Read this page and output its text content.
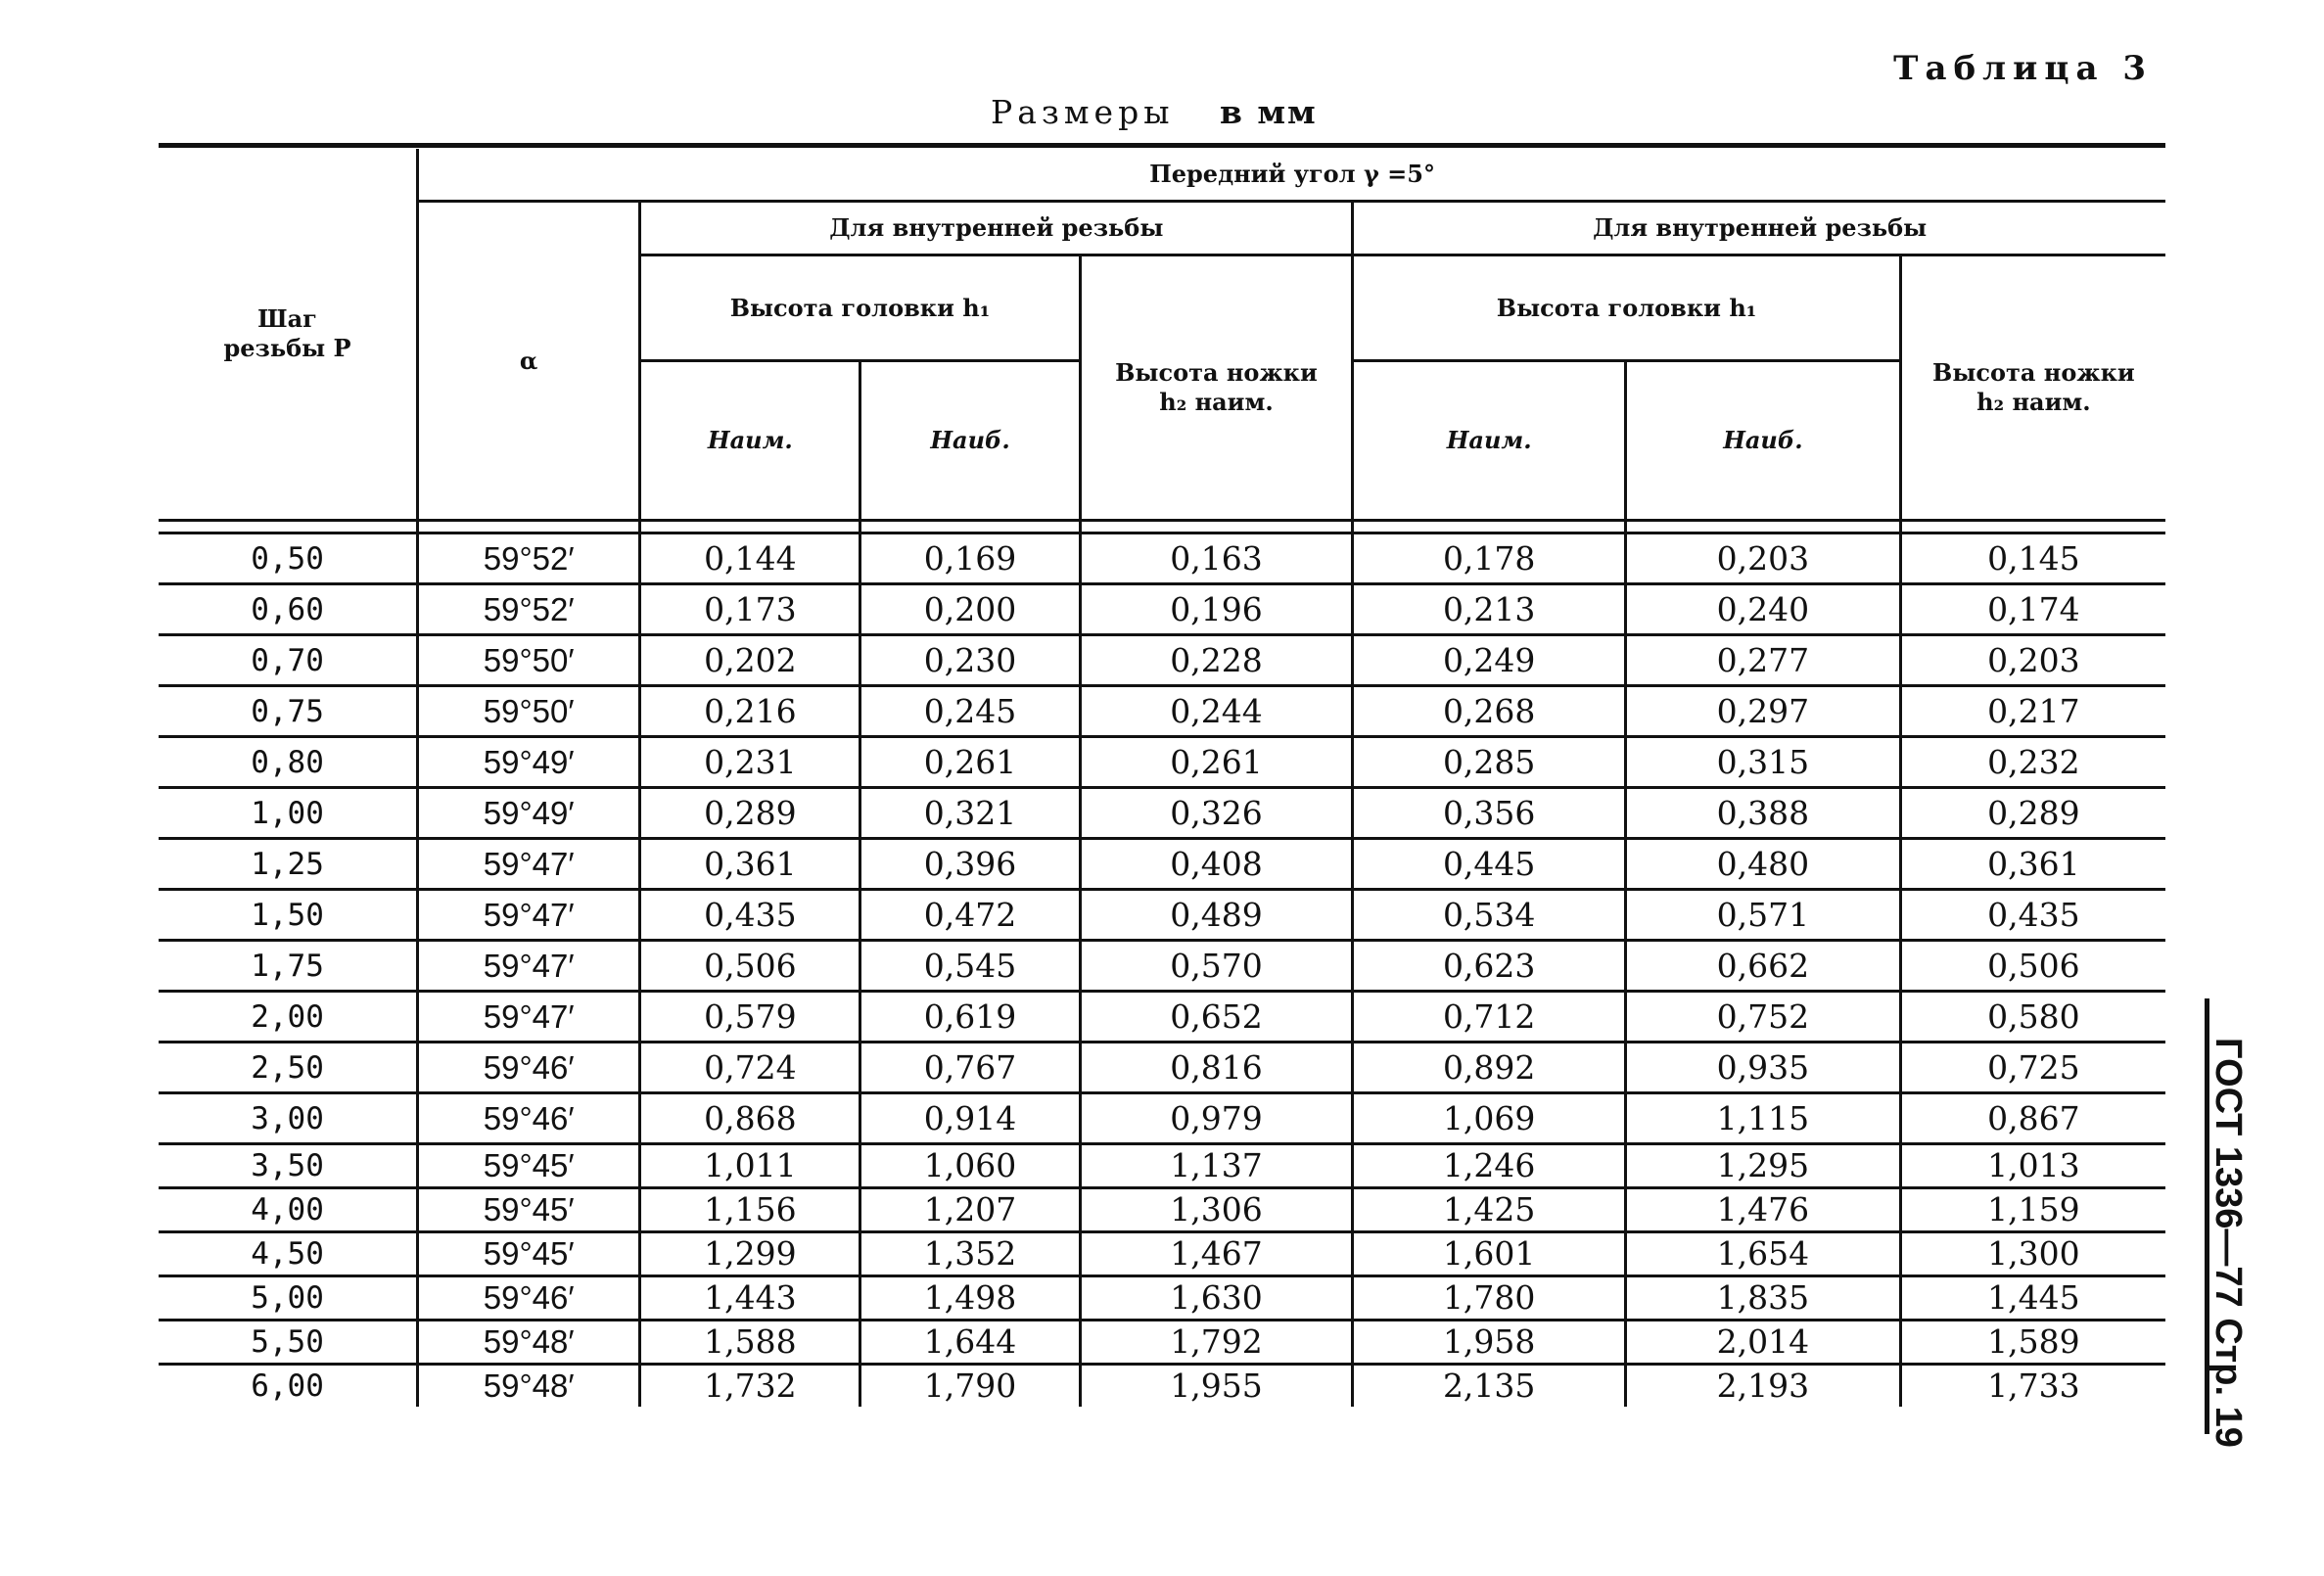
Таблица 3
Размеры в мм
Шаг резьбы P	Передний угол γ =5°						
	α	Для внутренней резьбы			Для внутренней резьбы		
		Высота головки h₁		Высота ножки h₂ наим.	Высота головки h₁		Высота ножки h₂ наим.
		Наим.	Наиб.		Наим.	Наиб.	

0,50	59°52′	0,144	0,169	0,163	0,178	0,203	0,145
0,60	59°52′	0,173	0,200	0,196	0,213	0,240	0,174
0,70	59°50′	0,202	0,230	0,228	0,249	0,277	0,203
0,75	59°50′	0,216	0,245	0,244	0,268	0,297	0,217
0,80	59°49′	0,231	0,261	0,261	0,285	0,315	0,232
1,00	59°49′	0,289	0,321	0,326	0,356	0,388	0,289
1,25	59°47′	0,361	0,396	0,408	0,445	0,480	0,361
1,50	59°47′	0,435	0,472	0,489	0,534	0,571	0,435
1,75	59°47′	0,506	0,545	0,570	0,623	0,662	0,506
2,00	59°47′	0,579	0,619	0,652	0,712	0,752	0,580
2,50	59°46′	0,724	0,767	0,816	0,892	0,935	0,725
3,00	59°46′	0,868	0,914	0,979	1,069	1,115	0,867
3,50	59°45′	1,011	1,060	1,137	1,246	1,295	1,013
4,00	59°45′	1,156	1,207	1,306	1,425	1,476	1,159
4,50	59°45′	1,299	1,352	1,467	1,601	1,654	1,300
5,00	59°46′	1,443	1,498	1,630	1,780	1,835	1,445
5,50	59°48′	1,588	1,644	1,792	1,958	2,014	1,589
6,00	59°48′	1,732	1,790	1,955	2,135	2,193	1,733	ГОСТ 1336—77 Стр. 19
